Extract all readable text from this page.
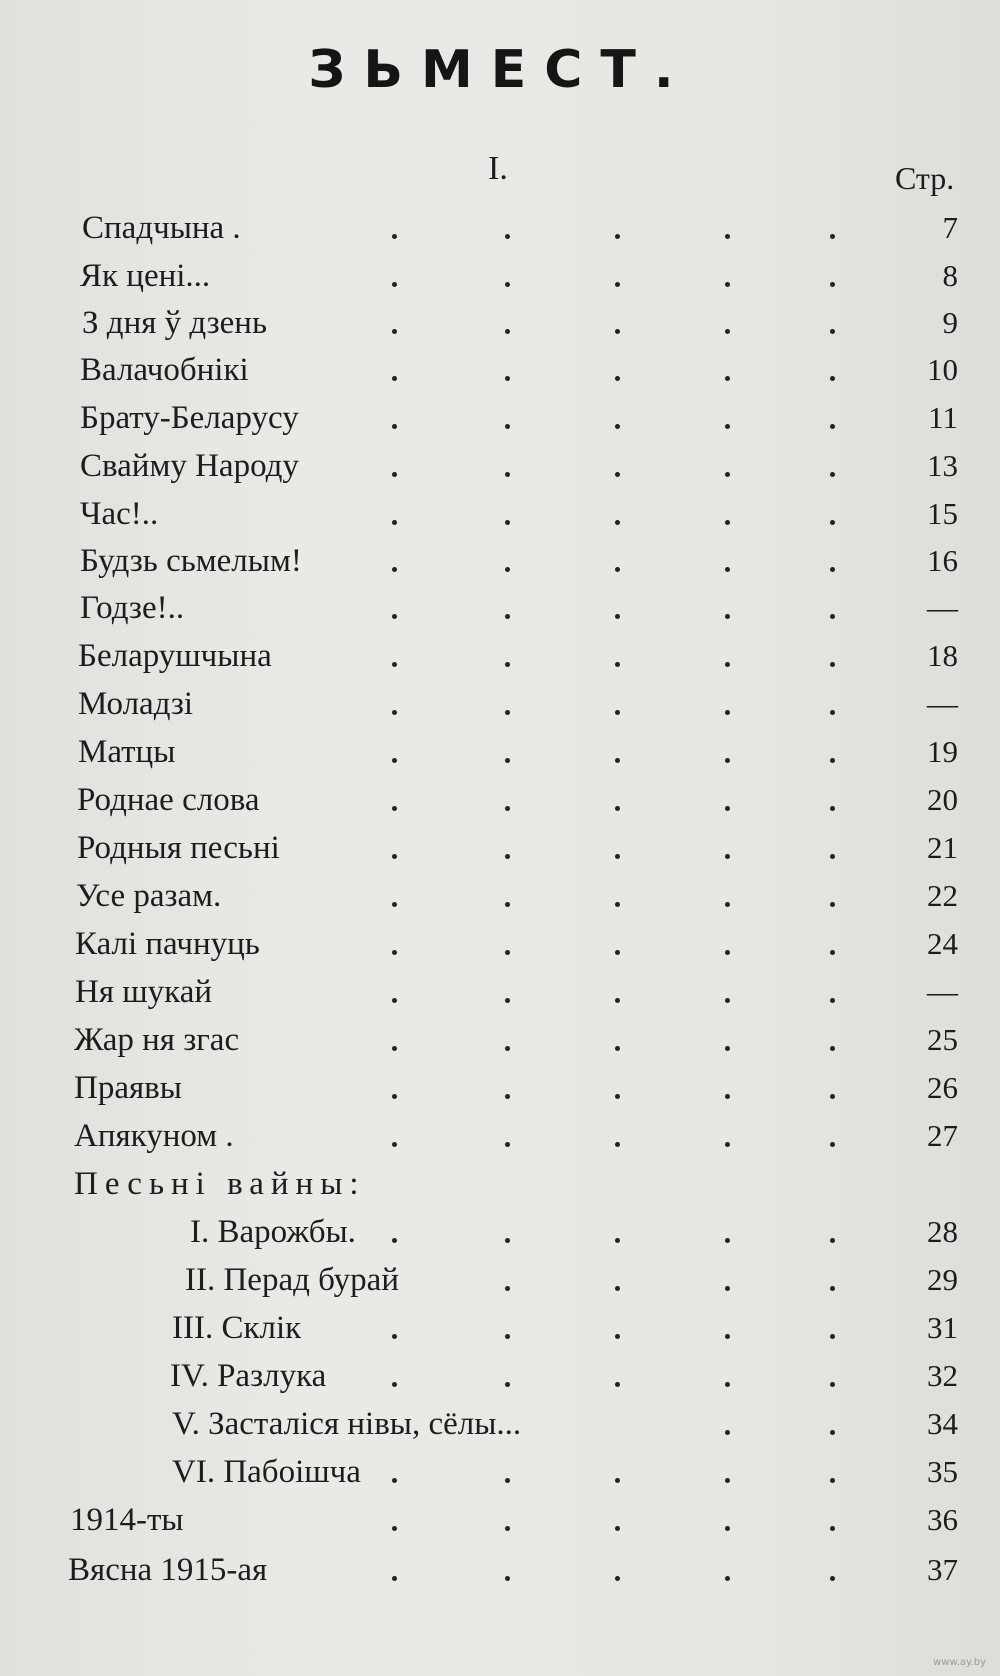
ЗЬМЕСТ.
I.	Стр.
Спадчына .	7
Як цені...	8
З дня ў дзень	9
Валачобнікі	10
Брату-Беларусу	11
Свайму Народу	13
Час!..	15
Будзь сьмелым!	16
Годзе!..	—
Беларушчына	18
Моладзі	—
Матцы	19
Роднае слова	20
Родныя песьні	21
Усе разам.	22
Калі пачнуць	24
Ня шукай	—
Жар ня згас	25
Праявы	26
Апякуном .	27
Песьні вайны:
I. Варожбы.	28
II. Перад бурай	29
III. Склік	31
IV. Разлука	32
V. Засталіся нівы, сёлы...	34
VI. Пабоішча	35
1914-ты	36
Вясна 1915-ая	37
www.ay.by
